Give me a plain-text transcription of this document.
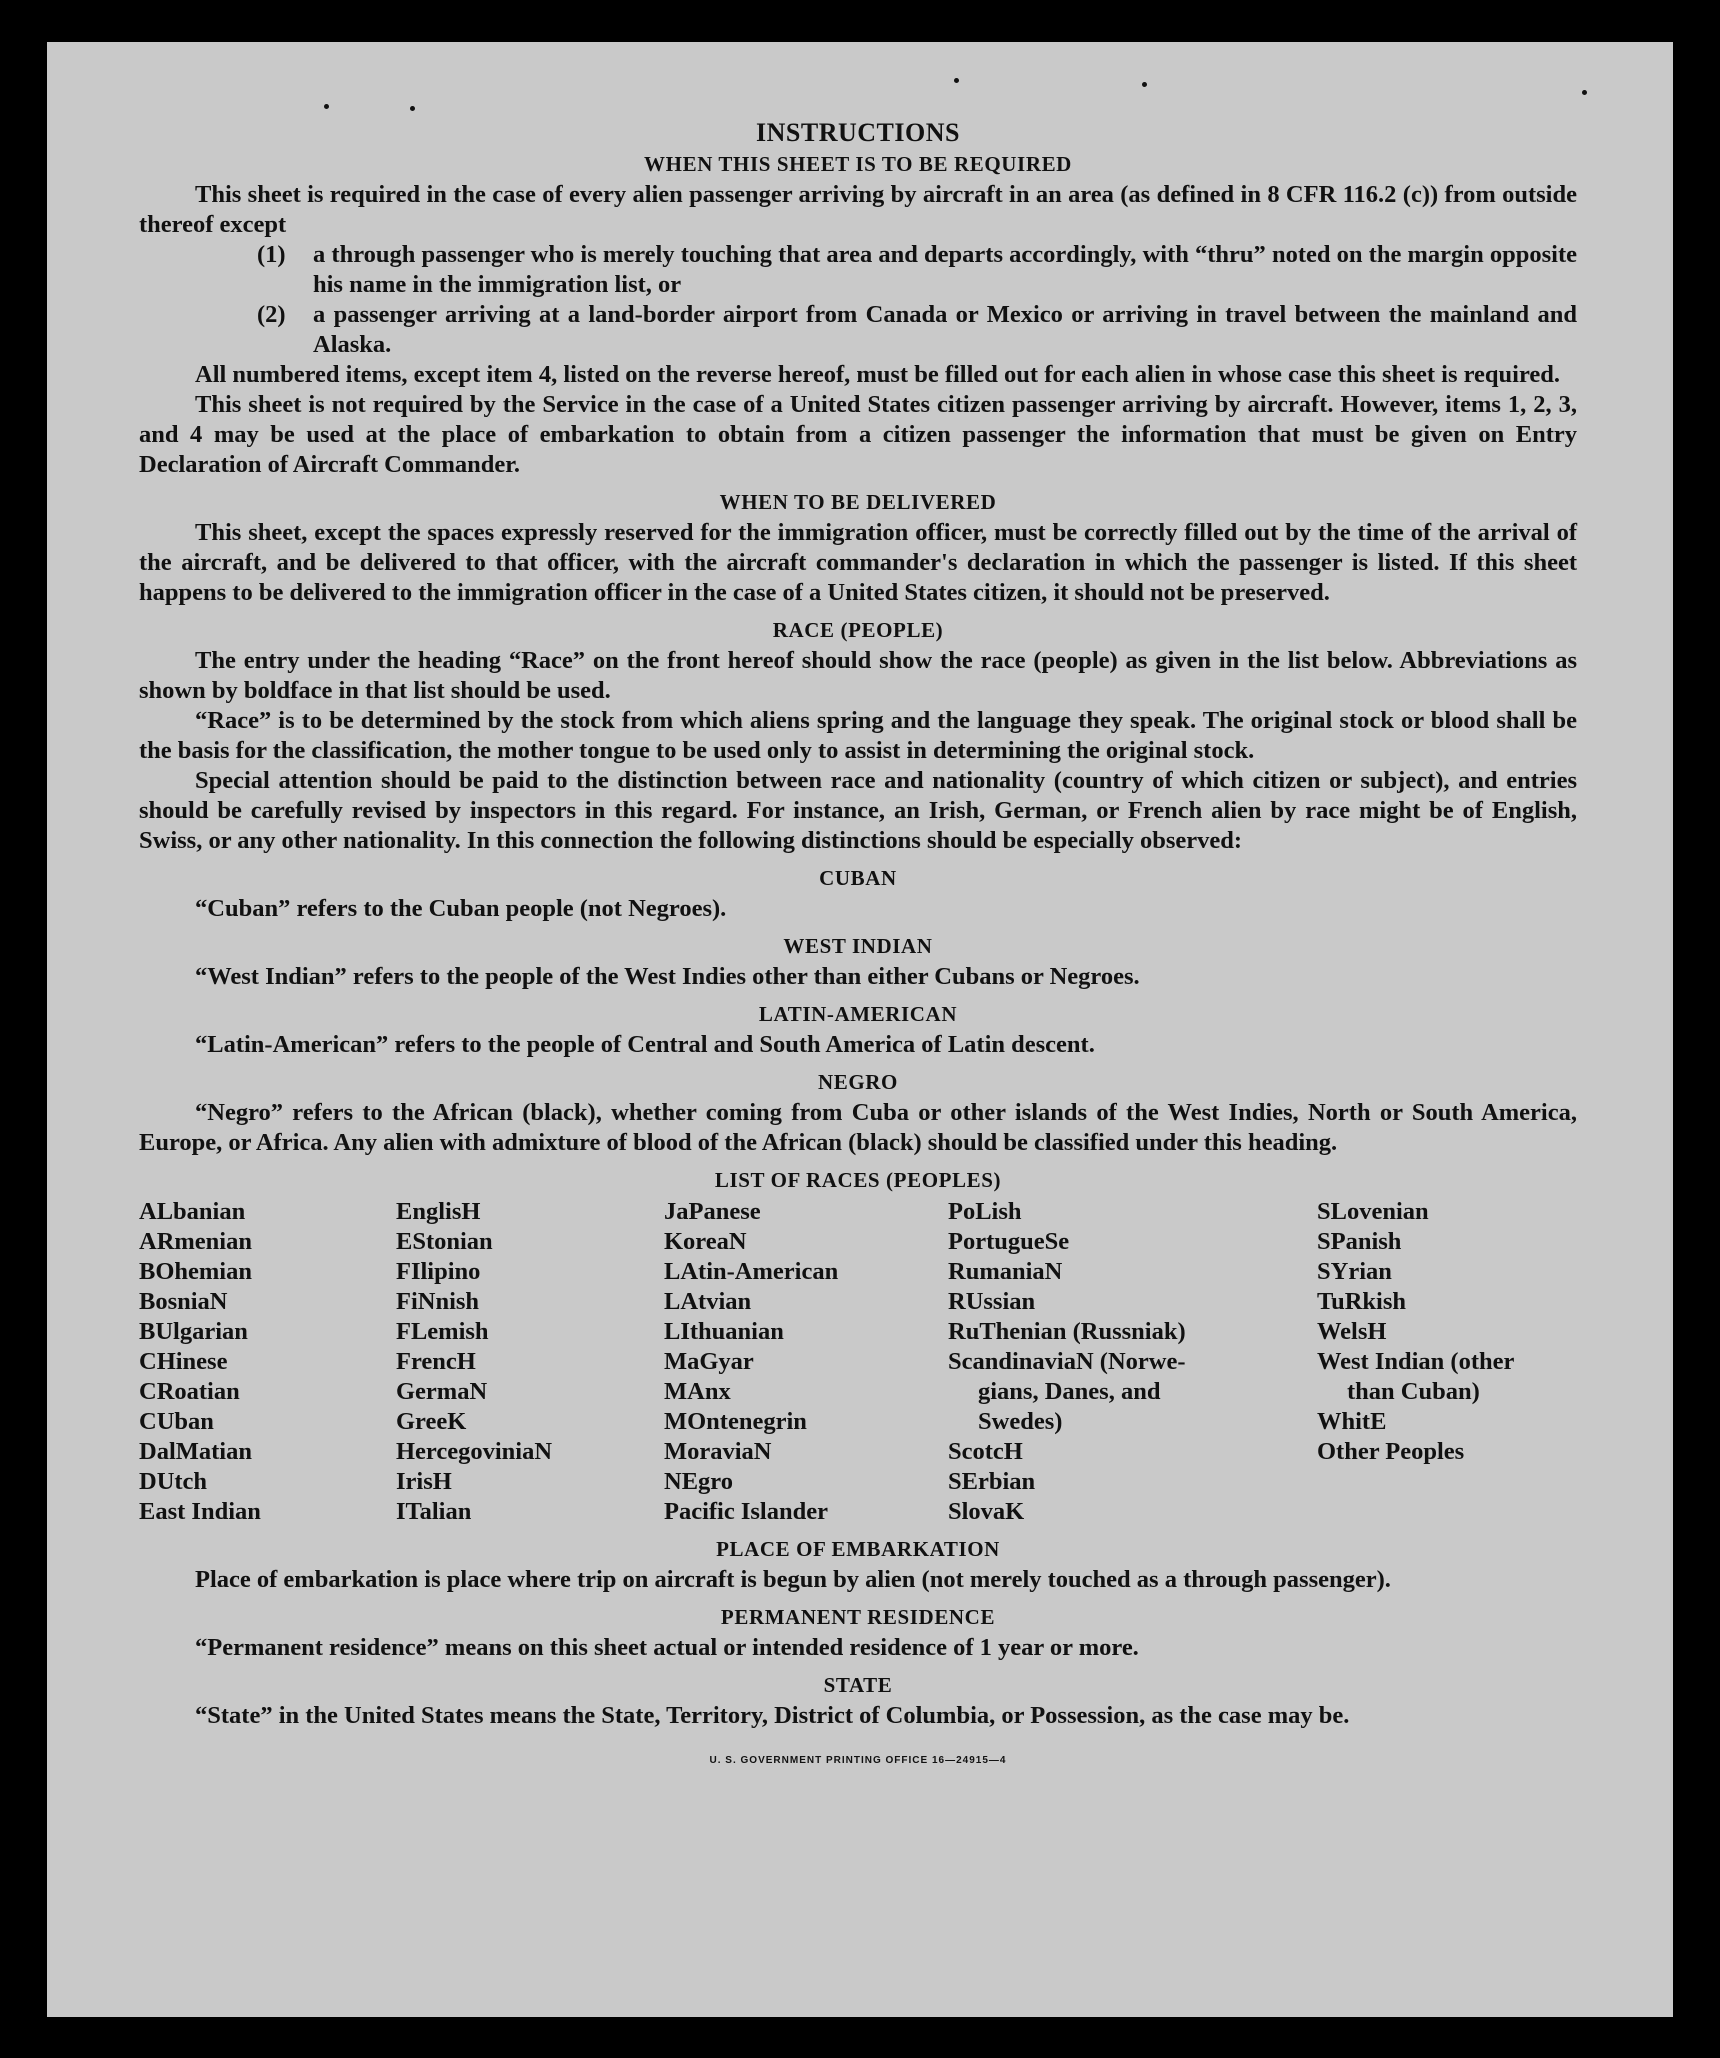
INSTRUCTIONS
WHEN THIS SHEET IS TO BE REQUIRED

This sheet is required in the case of every alien passenger arriving by aircraft in an area (as defined in 8 CFR 116.2 (c)) from outside thereof except

(1)	a through passenger who is merely touching that area and departs accordingly, with “thru” noted on the margin opposite his name in the immigration list, or
(2)	a passenger arriving at a land-border airport from Canada or Mexico or arriving in travel between the mainland and Alaska.

All numbered items, except item 4, listed on the reverse hereof, must be filled out for each alien in whose case this sheet is required.

This sheet is not required by the Service in the case of a United States citizen passenger arriving by aircraft. However, items 1, 2, 3, and 4 may be used at the place of embarkation to obtain from a citizen passenger the information that must be given on Entry Declaration of Aircraft Commander.

WHEN TO BE DELIVERED

This sheet, except the spaces expressly reserved for the immigration officer, must be correctly filled out by the time of the arrival of the aircraft, and be delivered to that officer, with the aircraft commander's declaration in which the passenger is listed. If this sheet happens to be delivered to the immigration officer in the case of a United States citizen, it should not be preserved.

RACE (PEOPLE)

The entry under the heading “Race” on the front hereof should show the race (people) as given in the list below. Abbreviations as shown by boldface in that list should be used.

“Race” is to be determined by the stock from which aliens spring and the language they speak. The original stock or blood shall be the basis for the classification, the mother tongue to be used only to assist in determining the original stock.

Special attention should be paid to the distinction between race and nationality (country of which citizen or subject), and entries should be carefully revised by inspectors in this regard. For instance, an Irish, German, or French alien by race might be of English, Swiss, or any other nationality. In this connection the following distinctions should be especially observed:

CUBAN

“Cuban” refers to the Cuban people (not Negroes).

WEST INDIAN

“West Indian” refers to the people of the West Indies other than either Cubans or Negroes.

LATIN-AMERICAN

“Latin-American” refers to the people of Central and South America of Latin descent.

NEGRO

“Negro” refers to the African (black), whether coming from Cuba or other islands of the West Indies, North or South America, Europe, or Africa. Any alien with admixture of blood of the African (black) should be classified under this heading.

LIST OF RACES (PEOPLES)
ALbanian
ARmenian
BOhemian
BosniaN
BUlgarian
CHinese
CRoatian
CUban
DalMatian
DUtch
East Indian
EnglisH
EStonian
FIlipino
FiNnish
FLemish
FrencH
GermaN
GreeK
HercegoviniaN
IrisH
ITalian
JaPanese
KoreaN
LAtin-American
LAtvian
LIthuanian
MaGyar
MAnx
MOntenegrin
MoraviaN
NEgro
Pacific Islander
PoLish
PortugueSe
RumaniaN
RUssian
RuThenian (Russniak)
ScandinaviaN (Norwe-
gians, Danes, and
Swedes)
ScotcH
SErbian
SlovaK
SLovenian
SPanish
SYrian
TuRkish
WelsH
West Indian (other
than Cuban)
WhitE
Other Peoples
PLACE OF EMBARKATION

Place of embarkation is place where trip on aircraft is begun by alien (not merely touched as a through passenger).

PERMANENT RESIDENCE

“Permanent residence” means on this sheet actual or intended residence of 1 year or more.

STATE

“State” in the United States means the State, Territory, District of Columbia, or Possession, as the case may be.

U. S. GOVERNMENT PRINTING OFFICE 16—24915—4
